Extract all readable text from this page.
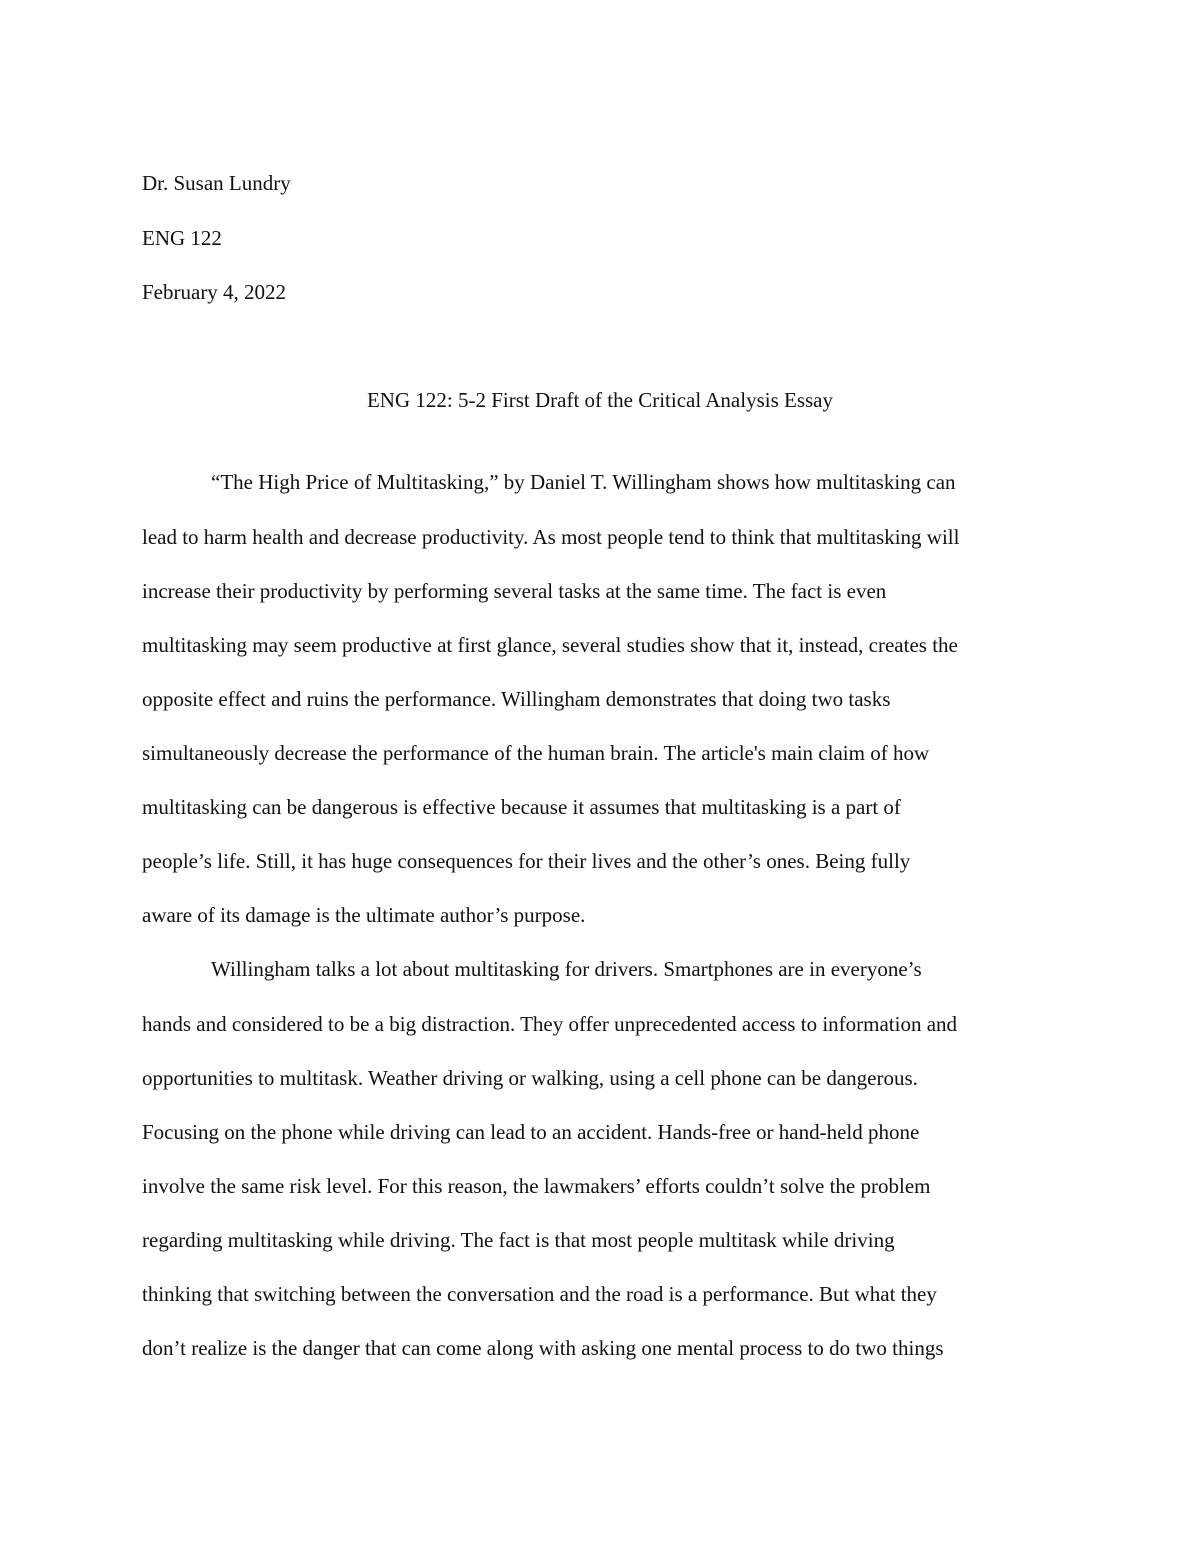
Dr. Susan Lundry
ENG 122
February 4, 2022
ENG 122: 5-2 First Draft of the Critical Analysis Essay
“The High Price of Multitasking,” by Daniel T. Willingham shows how multitasking can
lead to harm health and decrease productivity. As most people tend to think that multitasking will
increase their productivity by performing several tasks at the same time. The fact is even
multitasking may seem productive at first glance, several studies show that it, instead, creates the
opposite effect and ruins the performance. Willingham demonstrates that doing two tasks
simultaneously decrease the performance of the human brain. The article's main claim of how
multitasking can be dangerous is effective because it assumes that multitasking is a part of
people’s life. Still, it has huge consequences for their lives and the other’s ones. Being fully
aware of its damage is the ultimate author’s purpose.
Willingham talks a lot about multitasking for drivers. Smartphones are in everyone’s
hands and considered to be a big distraction. They offer unprecedented access to information and
opportunities to multitask. Weather driving or walking, using a cell phone can be dangerous.
Focusing on the phone while driving can lead to an accident. Hands-free or hand-held phone
involve the same risk level. For this reason, the lawmakers’ efforts couldn’t solve the problem
regarding multitasking while driving. The fact is that most people multitask while driving
thinking that switching between the conversation and the road is a performance. But what they
don’t realize is the danger that can come along with asking one mental process to do two things
